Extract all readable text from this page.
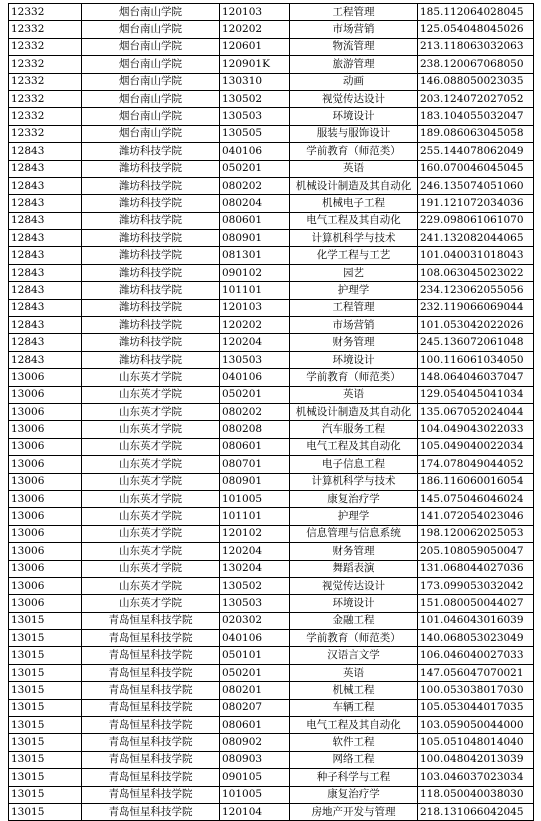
12332	烟台南山学院	120103	工程管理	185.112064028045
12332	烟台南山学院	120202	市场营销	125.054048045026
12332	烟台南山学院	120601	物流管理	213.118063032063
12332	烟台南山学院	120901K	旅游管理	238.120067068050
12332	烟台南山学院	130310	动画	146.088050023035
12332	烟台南山学院	130502	视觉传达设计	203.124072027052
12332	烟台南山学院	130503	环境设计	183.104055032047
12332	烟台南山学院	130505	服装与服饰设计	189.086063045058
12843	潍坊科技学院	040106	学前教育（师范类）	255.144078062049
12843	潍坊科技学院	050201	英语	160.070046045045
12843	潍坊科技学院	080202	机械设计制造及其自动化	246.135074051060
12843	潍坊科技学院	080204	机械电子工程	191.121072034036
12843	潍坊科技学院	080601	电气工程及其自动化	229.098061061070
12843	潍坊科技学院	080901	计算机科学与技术	241.132082044065
12843	潍坊科技学院	081301	化学工程与工艺	101.040031018043
12843	潍坊科技学院	090102	园艺	108.063045023022
12843	潍坊科技学院	101101	护理学	234.123062055056
12843	潍坊科技学院	120103	工程管理	232.119066069044
12843	潍坊科技学院	120202	市场营销	101.053042022026
12843	潍坊科技学院	120204	财务管理	245.136072061048
12843	潍坊科技学院	130503	环境设计	100.116061034050
13006	山东英才学院	040106	学前教育（师范类）	148.064046037047
13006	山东英才学院	050201	英语	129.054045041034
13006	山东英才学院	080202	机械设计制造及其自动化	135.067052024044
13006	山东英才学院	080208	汽车服务工程	104.049043022033
13006	山东英才学院	080601	电气工程及其自动化	105.049040022034
13006	山东英才学院	080701	电子信息工程	174.078049044052
13006	山东英才学院	080901	计算机科学与技术	186.116060016054
13006	山东英才学院	101005	康复治疗学	145.075046046024
13006	山东英才学院	101101	护理学	141.072054023046
13006	山东英才学院	120102	信息管理与信息系统	198.120062025053
13006	山东英才学院	120204	财务管理	205.108059050047
13006	山东英才学院	130204	舞蹈表演	131.068044027036
13006	山东英才学院	130502	视觉传达设计	173.099053032042
13006	山东英才学院	130503	环境设计	151.080050044027
13015	青岛恒星科技学院	020302	金融工程	101.046043016039
13015	青岛恒星科技学院	040106	学前教育（师范类）	140.068053023049
13015	青岛恒星科技学院	050101	汉语言文学	106.046040027033
13015	青岛恒星科技学院	050201	英语	147.056047070021
13015	青岛恒星科技学院	080201	机械工程	100.053038017030
13015	青岛恒星科技学院	080207	车辆工程	105.053044017035
13015	青岛恒星科技学院	080601	电气工程及其自动化	103.059050044000
13015	青岛恒星科技学院	080902	软件工程	105.051048014040
13015	青岛恒星科技学院	080903	网络工程	100.048042013039
13015	青岛恒星科技学院	090105	种子科学与工程	103.046037023034
13015	青岛恒星科技学院	101005	康复治疗学	118.050040038030
13015	青岛恒星科技学院	120104	房地产开发与管理	218.131066042045
